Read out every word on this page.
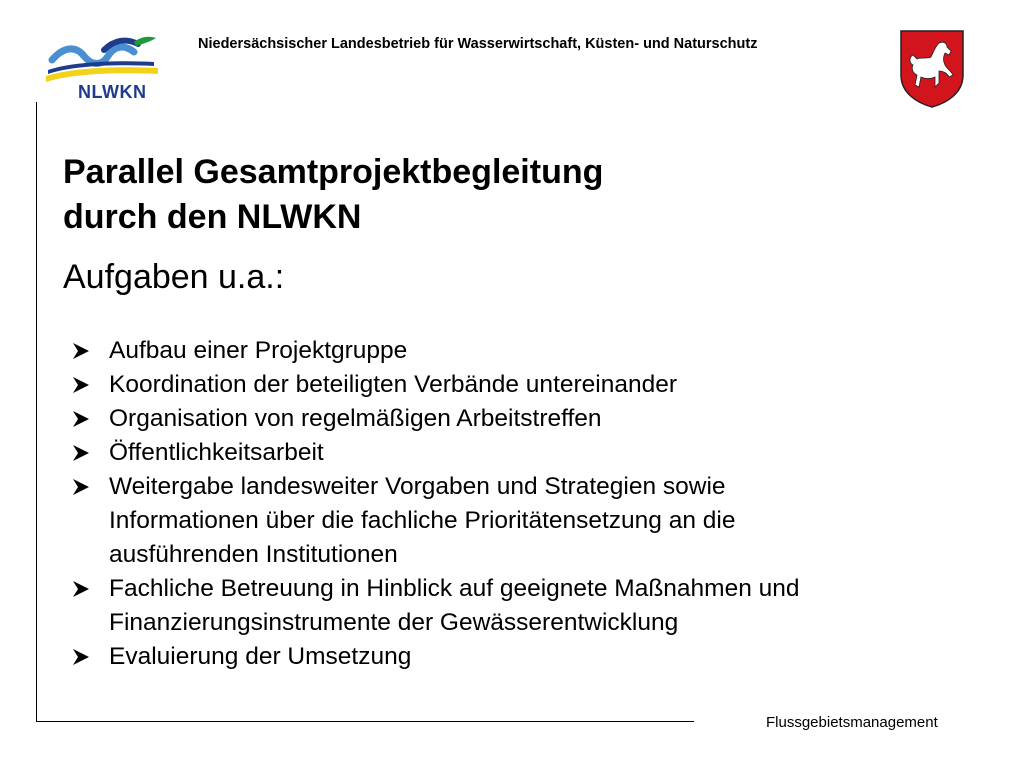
NLWKN
Niedersächsischer Landesbetrieb für Wasserwirtschaft, Küsten- und Naturschutz
Parallel Gesamtprojektbegleitung
durch den NLWKN
Aufgaben u.a.:
Aufbau einer Projektgruppe
Koordination der beteiligten Verbände untereinander
Organisation von regelmäßigen Arbeitstreffen
Öffentlichkeitsarbeit
Weitergabe landesweiter Vorgaben und Strategien sowie
Informationen über die fachliche Prioritätensetzung an die
ausführenden Institutionen
Fachliche Betreuung in Hinblick auf geeignete Maßnahmen und
Finanzierungsinstrumente der Gewässerentwicklung
Evaluierung der Umsetzung
Flussgebietsmanagement
